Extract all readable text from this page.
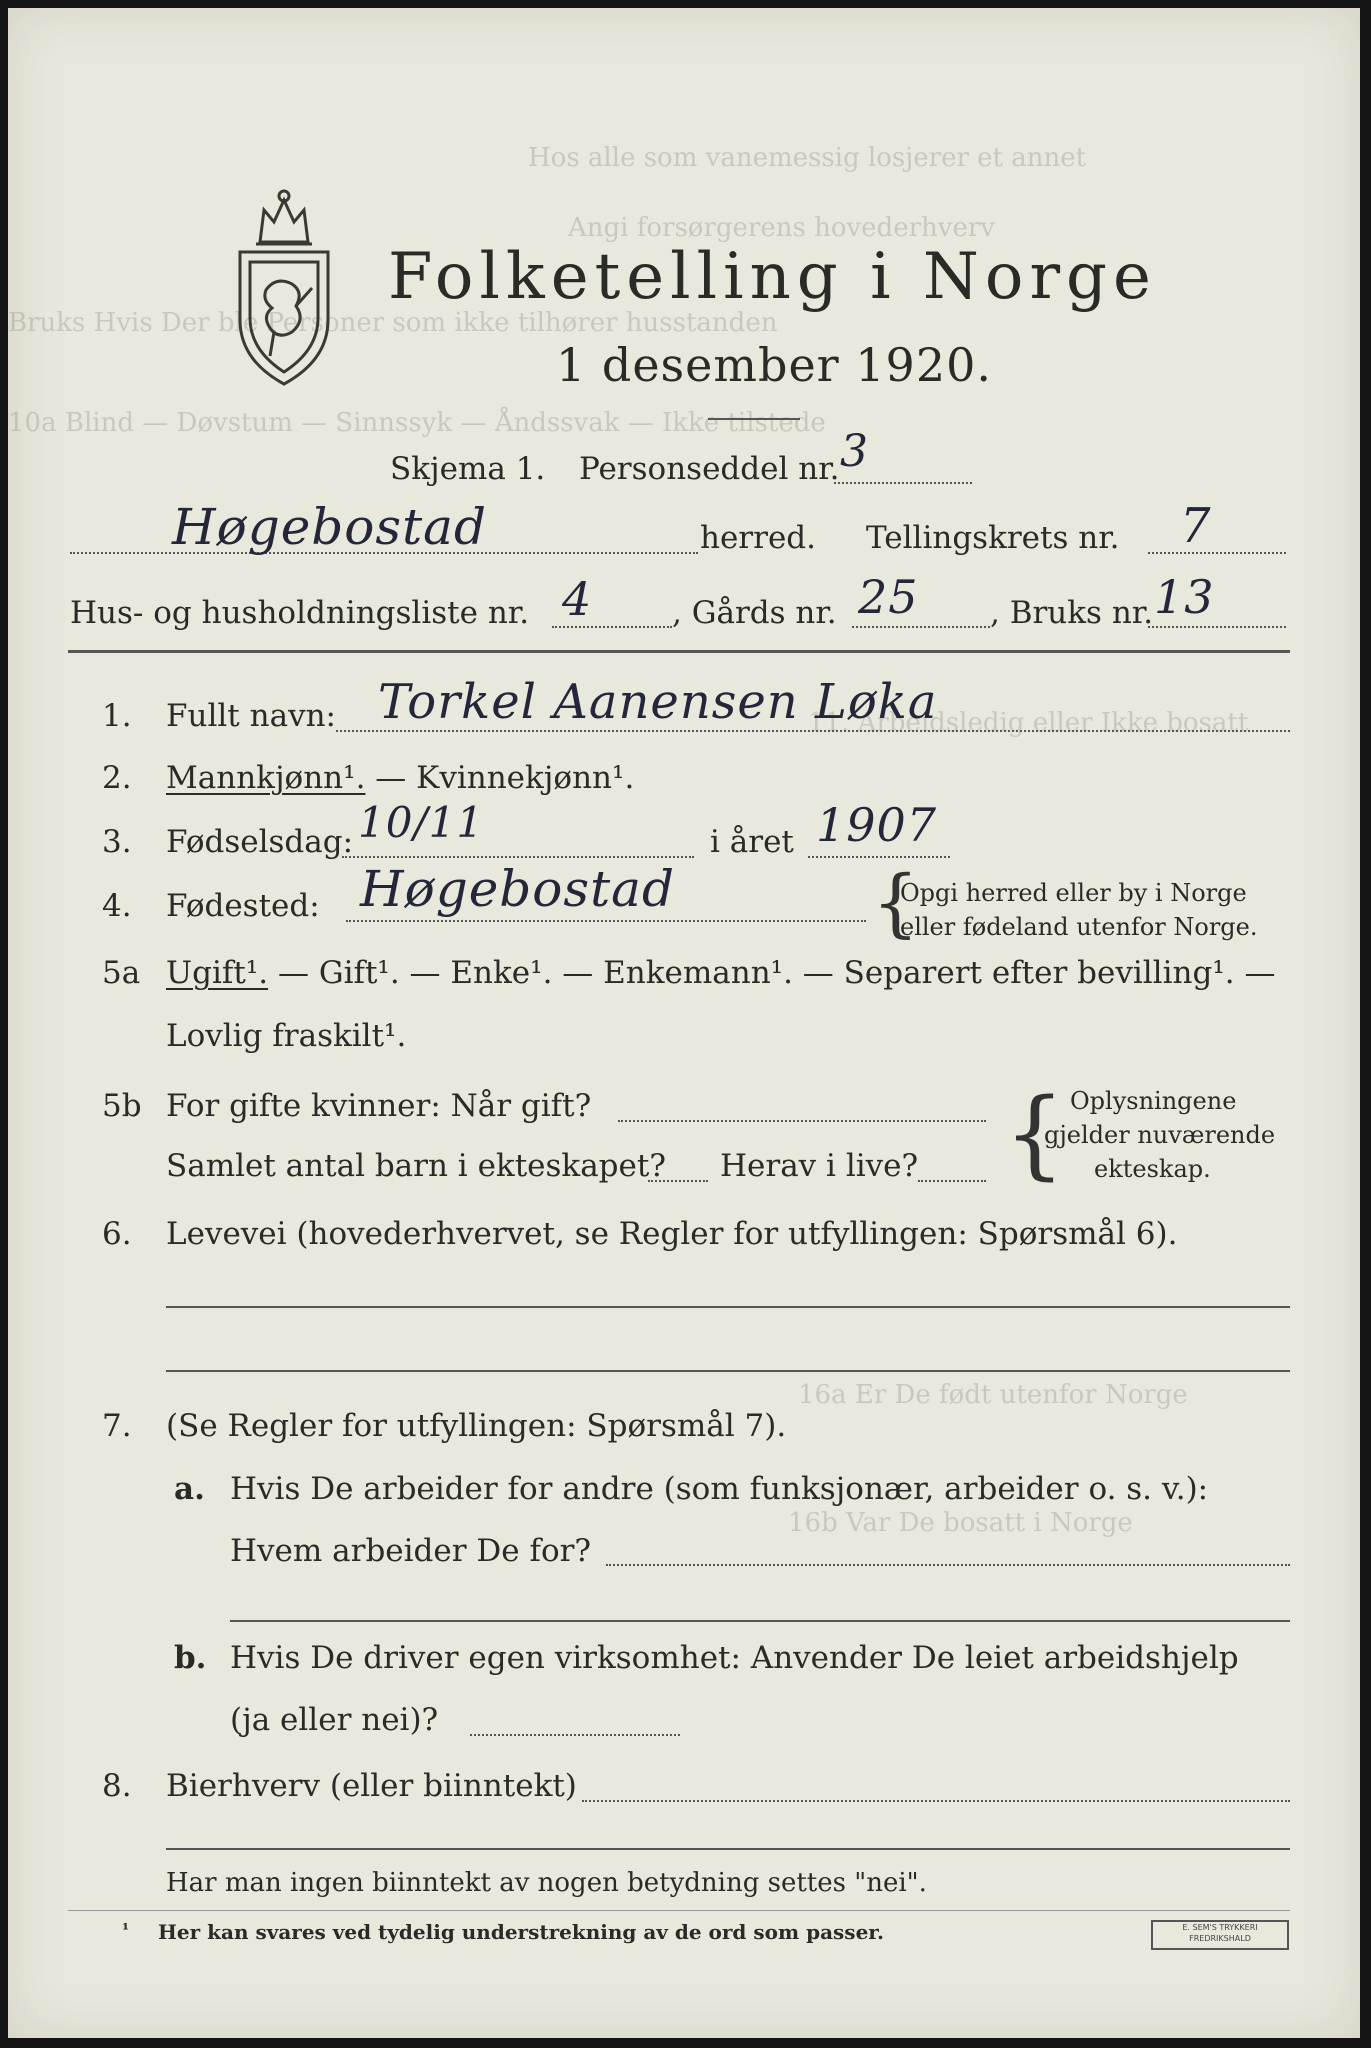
Hos alle som vanemessig losjerer et annet
Angi forsørgerens hovederhverv
Bruks Hvis Der ble Personer som ikke tilhører husstanden
10a Blind — Døvstum — Sinnssyk — Åndssvak — Ikke tilstede
11. Arbeidsledig eller Ikke bosatt
16a Er De født utenfor Norge
16b Var De bosatt i Norge
Folketelling i Norge
1 desember 1920.
Skjema 1. Personseddel nr. 3
Høgebostad	herred. Tellingskrets nr. 7
Hus- og husholdningsliste nr. 4	, Gårds nr. 25 , Bruks nr. 13
1. Fullt navn: Torkel Aanensen Løka
2. Mannkjønn¹. — Kvinnekjønn¹.
3. Fødselsdag: 10/11	i året 1907
4. Fødested: Høgebostad	{
Opgi herred eller by i Norge
eller fødeland utenfor Norge.
5a Ugift¹. — Gift¹. — Enke¹. — Enkemann¹. — Separert efter bevilling¹. —
Lovlig fraskilt¹.
5b For gifte kvinner: Når gift?
Samlet antal barn i ekteskapet? Herav i live? { Oplysningene
gjelder nuværende
ekteskap.
6. Levevei (hovederhvervet, se Regler for utfyllingen: Spørsmål 6).
7. (Se Regler for utfyllingen: Spørsmål 7).
a. Hvis De arbeider for andre (som funksjonær, arbeider o. s. v.):
Hvem arbeider De for?
b. Hvis De driver egen virksomhet: Anvender De leiet arbeidshjelp
(ja eller nei)?
8. Bierhverv (eller biinntekt)
Har man ingen biinntekt av nogen betydning settes "nei".
¹ Her kan svares ved tydelig understrekning av de ord som passer.	E. SEM'S TRYKKERI FREDRIKSHALD
